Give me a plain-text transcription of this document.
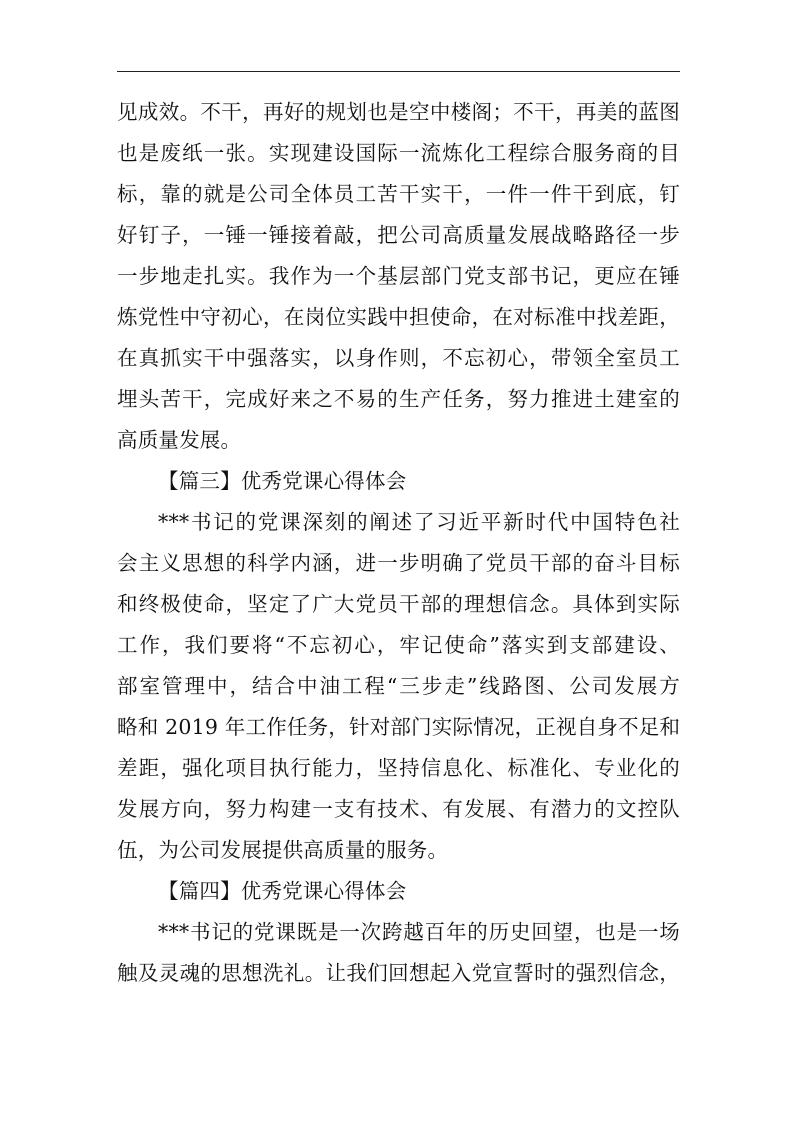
见成效。不干，再好的规划也是空中楼阁；不干，再美的蓝图
也是废纸一张。实现建设国际一流炼化工程综合服务商的目
标，靠的就是公司全体员工苦干实干，一件一件干到底，钉
好钉子，一锤一锤接着敲，把公司高质量发展战略路径一步
一步地走扎实。我作为一个基层部门党支部书记，更应在锤
炼党性中守初心，在岗位实践中担使命，在对标准中找差距，
在真抓实干中强落实，以身作则，不忘初心，带领全室员工
埋头苦干，完成好来之不易的生产任务，努力推进土建室的
高质量发展。
【篇三】优秀党课心得体会
***书记的党课深刻的阐述了习近平新时代中国特色社
会主义思想的科学内涵，进一步明确了党员干部的奋斗目标
和终极使命，坚定了广大党员干部的理想信念。具体到实际
工作，我们要将“不忘初心，牢记使命”落实到支部建设、
部室管理中，结合中油工程“三步走”线路图、公司发展方
略和 2019 年工作任务，针对部门实际情况，正视自身不足和
差距，强化项目执行能力，坚持信息化、标准化、专业化的
发展方向，努力构建一支有技术、有发展、有潜力的文控队
伍，为公司发展提供高质量的服务。
【篇四】优秀党课心得体会
***书记的党课既是一次跨越百年的历史回望，也是一场
触及灵魂的思想洗礼。让我们回想起入党宣誓时的强烈信念，
